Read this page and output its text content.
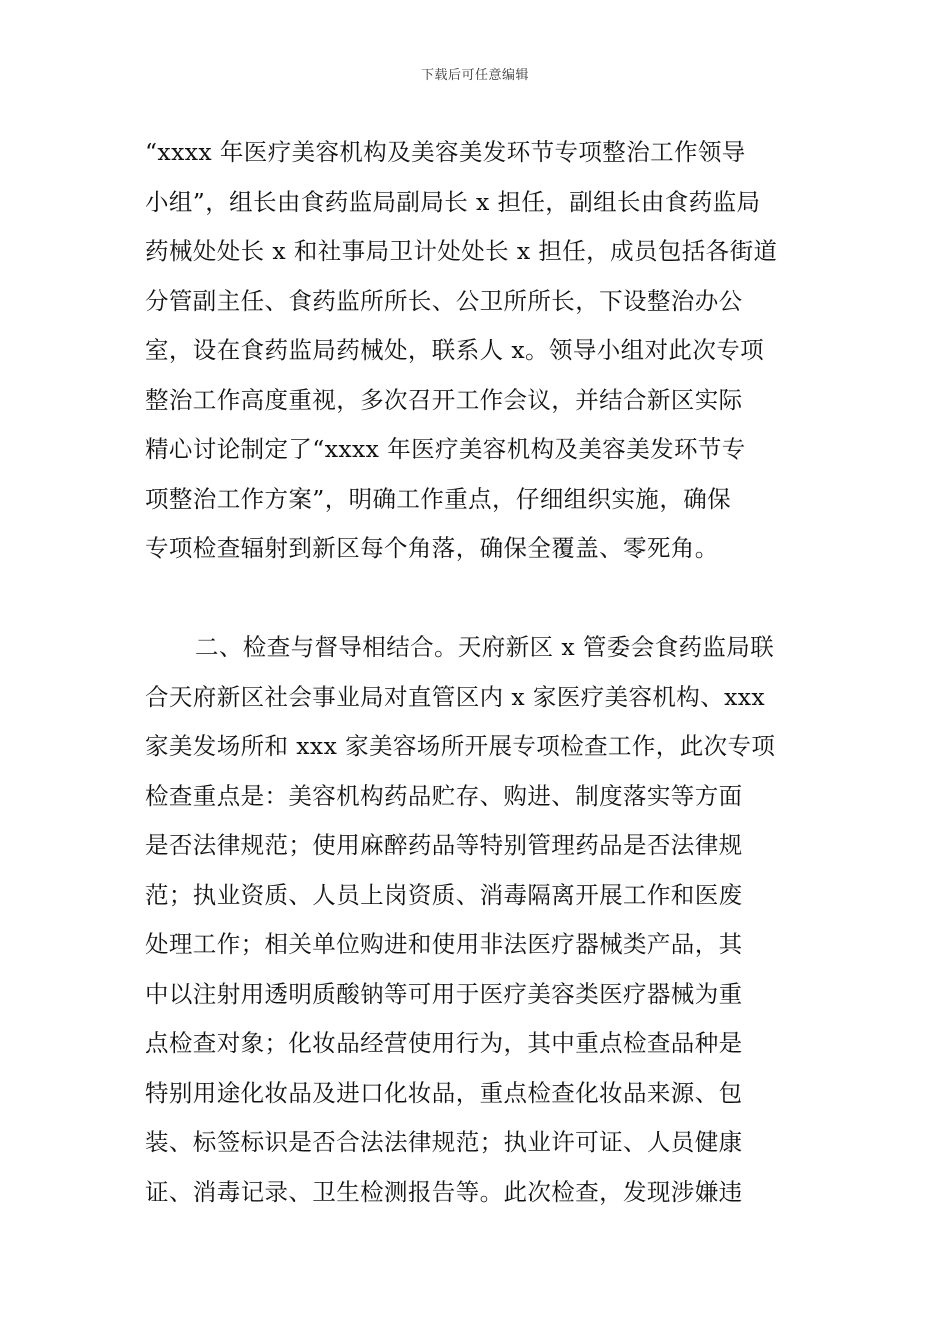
下载后可任意编辑
“xxxx 年医疗美容机构及美容美发环节专项整治工作领导
小组”，组长由食药监局副局长 x 担任，副组长由食药监局
药械处处长 x 和社事局卫计处处长 x 担任，成员包括各街道
分管副主任、食药监所所长、公卫所所长，下设整治办公
室，设在食药监局药械处，联系人 x。领导小组对此次专项
整治工作高度重视，多次召开工作会议，并结合新区实际
精心讨论制定了“xxxx 年医疗美容机构及美容美发环节专
项整治工作方案”，明确工作重点，仔细组织实施，确保
专项检查辐射到新区每个角落，确保全覆盖、零死角。
二、检查与督导相结合。天府新区 x 管委会食药监局联
合天府新区社会事业局对直管区内 x 家医疗美容机构、xxx
家美发场所和 xxx 家美容场所开展专项检查工作，此次专项
检查重点是：美容机构药品贮存、购进、制度落实等方面
是否法律规范；使用麻醉药品等特别管理药品是否法律规
范；执业资质、人员上岗资质、消毒隔离开展工作和医废
处理工作；相关单位购进和使用非法医疗器械类产品，其
中以注射用透明质酸钠等可用于医疗美容类医疗器械为重
点检查对象；化妆品经营使用行为，其中重点检查品种是
特别用途化妆品及进口化妆品，重点检查化妆品来源、包
装、标签标识是否合法法律规范；执业许可证、人员健康
证、消毒记录、卫生检测报告等。此次检查，发现涉嫌违
